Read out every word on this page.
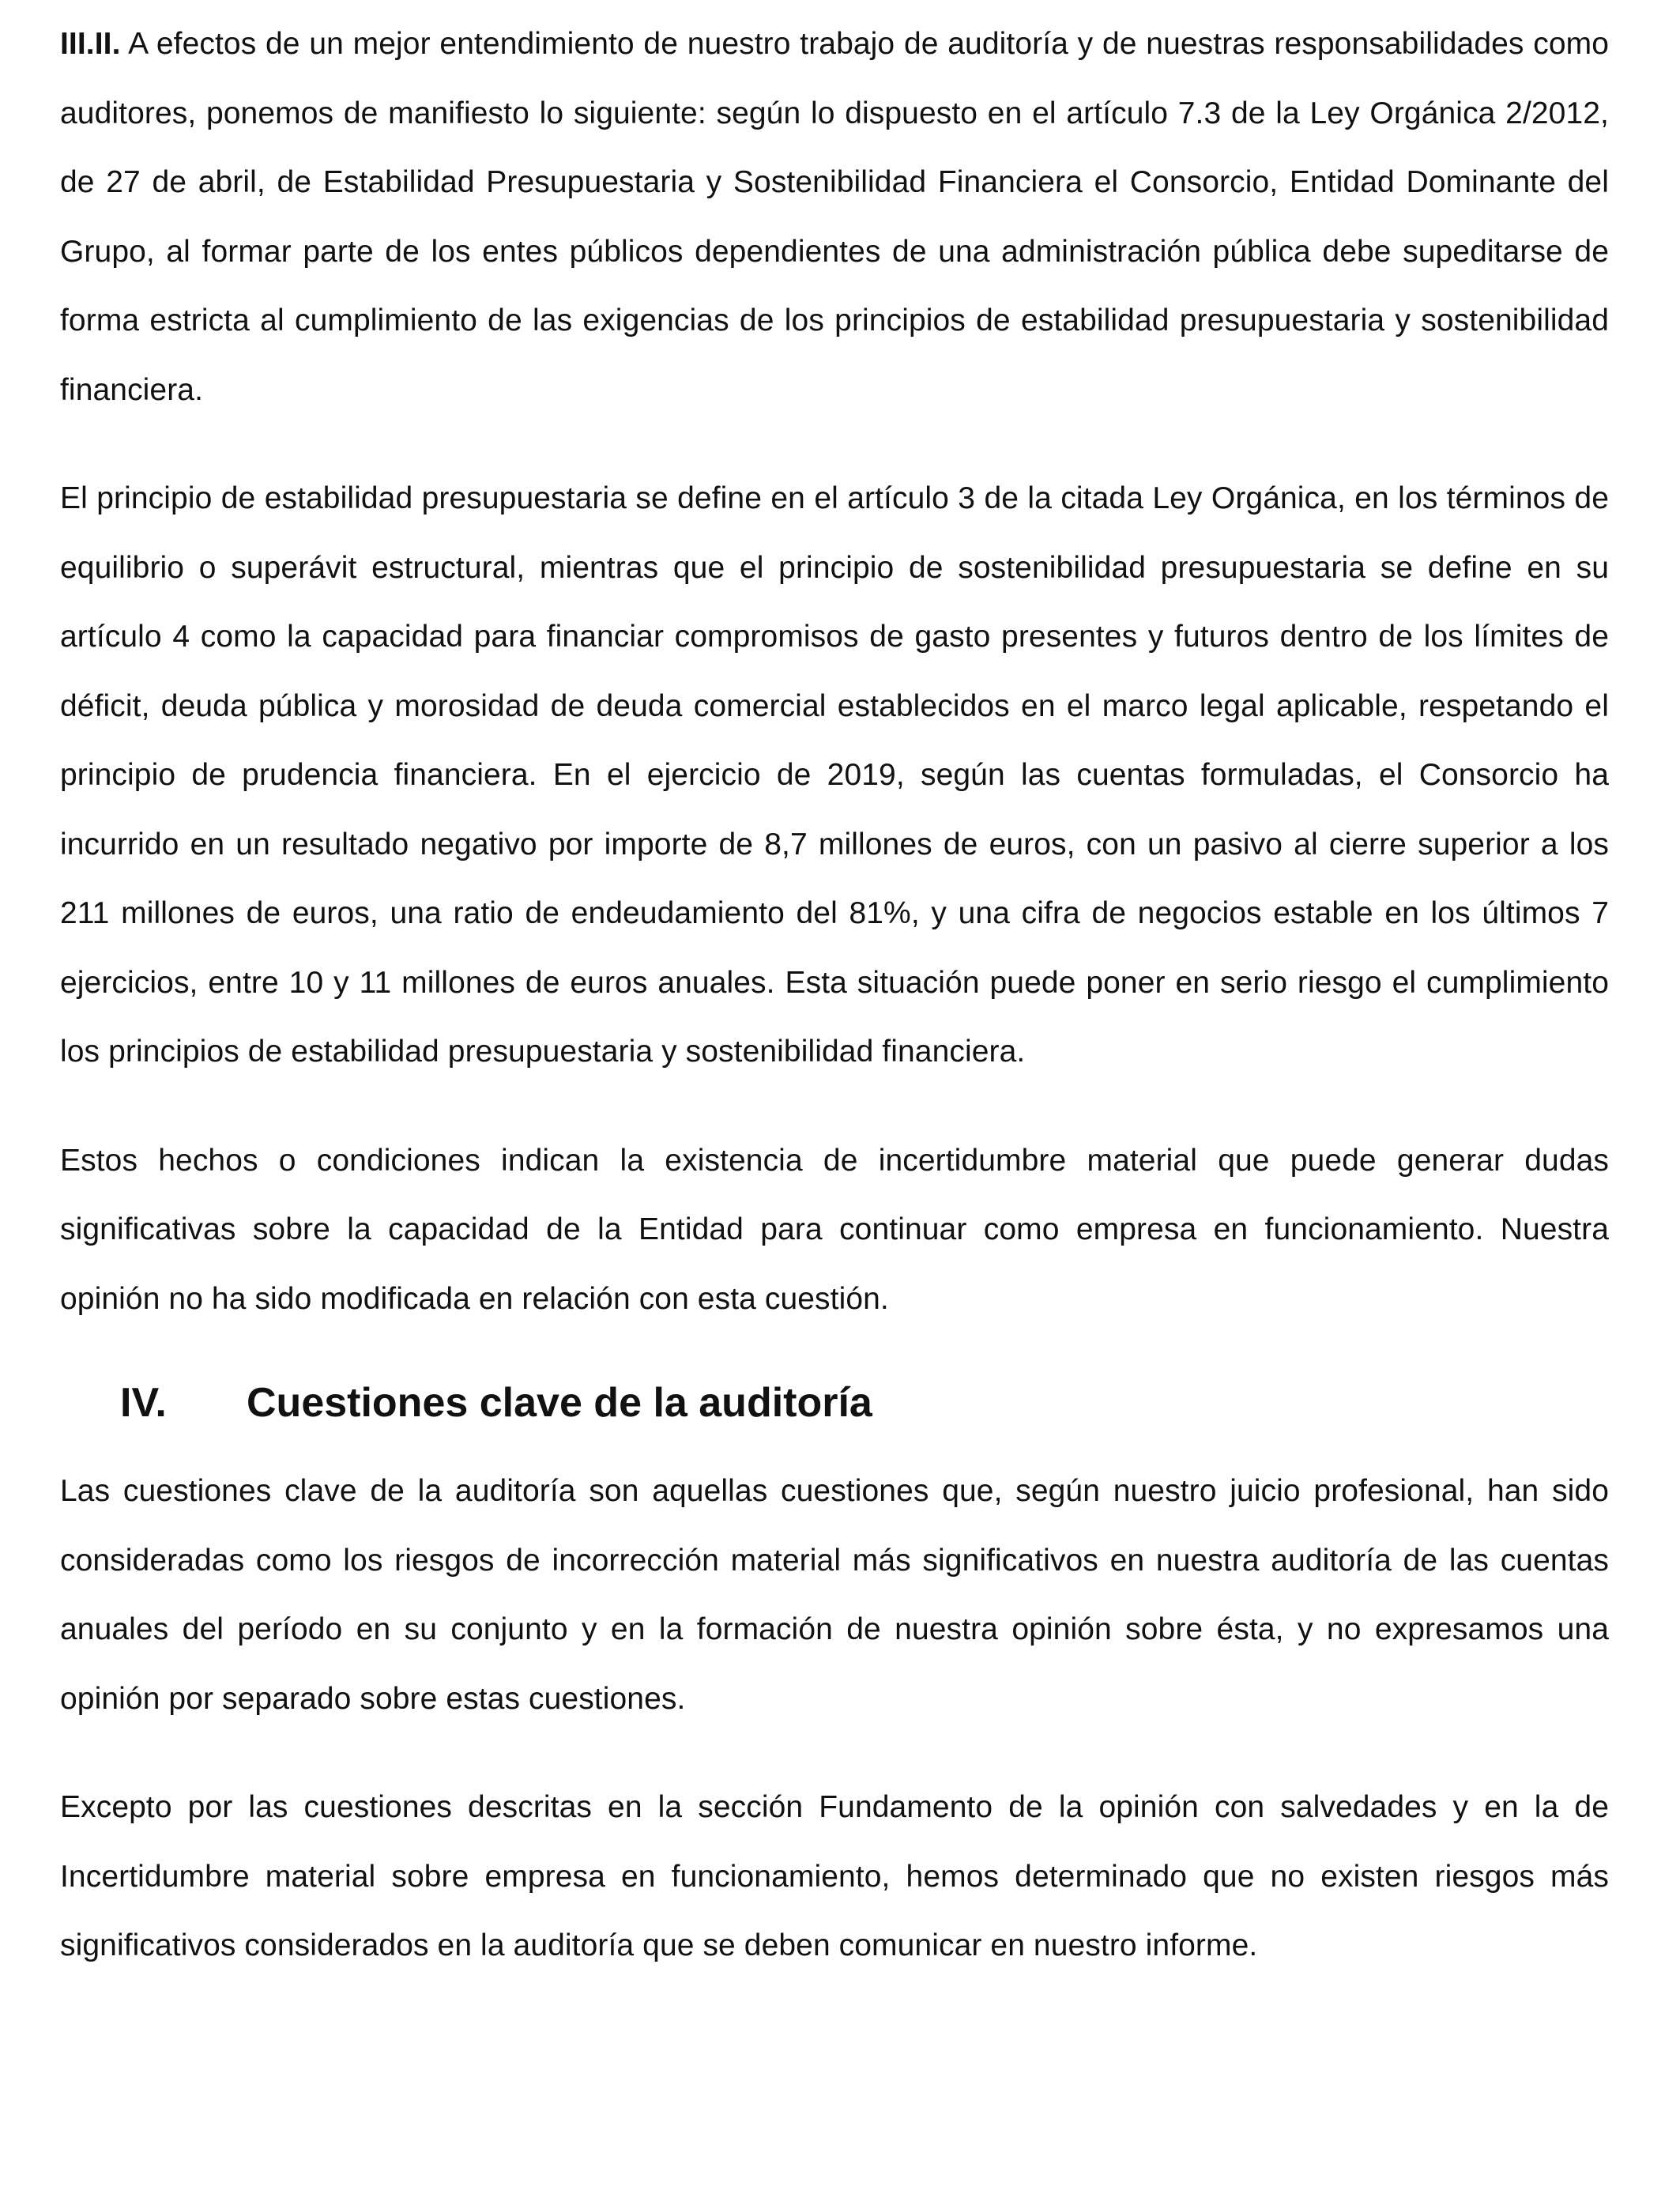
III.II. A efectos de un mejor entendimiento de nuestro trabajo de auditoría y de nuestras responsabilidades como auditores, ponemos de manifiesto lo siguiente: según lo dispuesto en el artículo 7.3 de la Ley Orgánica 2/2012, de 27 de abril, de Estabilidad Presupuestaria y Sostenibilidad Financiera el Consorcio, Entidad Dominante del Grupo, al formar parte de los entes públicos dependientes de una administración pública debe supeditarse de forma estricta al cumplimiento de las exigencias de los principios de estabilidad presupuestaria y sostenibilidad financiera.

El principio de estabilidad presupuestaria se define en el artículo 3 de la citada Ley Orgánica, en los términos de equilibrio o superávit estructural, mientras que el principio de sostenibilidad presupuestaria se define en su artículo 4 como la capacidad para financiar compromisos de gasto presentes y futuros dentro de los límites de déficit, deuda pública y morosidad de deuda comercial establecidos en el marco legal aplicable, respetando el principio de prudencia financiera. En el ejercicio de 2019, según las cuentas formuladas, el Consorcio ha incurrido en un resultado negativo por importe de 8,7 millones de euros, con un pasivo al cierre superior a los 211 millones de euros, una ratio de endeudamiento del 81%, y una cifra de negocios estable en los últimos 7 ejercicios, entre 10 y 11 millones de euros anuales. Esta situación puede poner en serio riesgo el cumplimiento los principios de estabilidad presupuestaria y sostenibilidad financiera.

Estos hechos o condiciones indican la existencia de incertidumbre material que puede generar dudas significativas sobre la capacidad de la Entidad para continuar como empresa en funcionamiento. Nuestra opinión no ha sido modificada en relación con esta cuestión.

IV.	Cuestiones clave de la auditoría

Las cuestiones clave de la auditoría son aquellas cuestiones que, según nuestro juicio profesional, han sido consideradas como los riesgos de incorrección material más significativos en nuestra auditoría de las cuentas anuales del período en su conjunto y en la formación de nuestra opinión sobre ésta, y no expresamos una opinión por separado sobre estas cuestiones.

Excepto por las cuestiones descritas en la sección Fundamento de la opinión con salvedades y en la de Incertidumbre material sobre empresa en funcionamiento, hemos determinado que no existen riesgos más significativos considerados en la auditoría que se deben comunicar en nuestro informe.
